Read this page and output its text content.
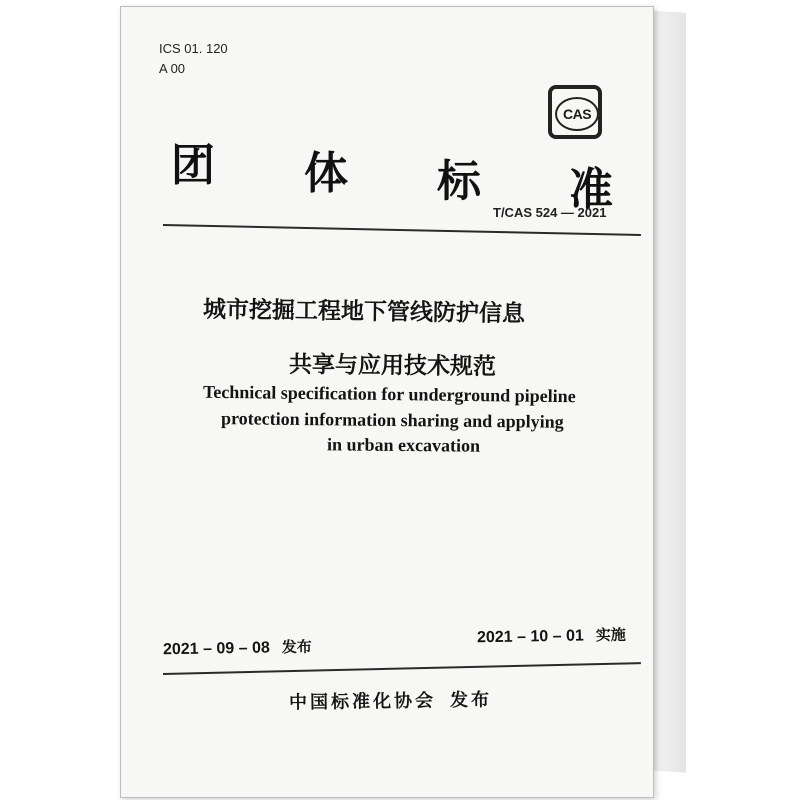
ICS 01. 120
A 00
CAS
团 体 标 准
T/CAS 524 — 2021
城市挖掘工程地下管线防护信息
共享与应用技术规范
Technical specification for underground pipeline
protection information sharing and applying
in urban excavation
2021 – 09 – 08 发布
2021 – 10 – 01 实施
中国标准化协会 发布
